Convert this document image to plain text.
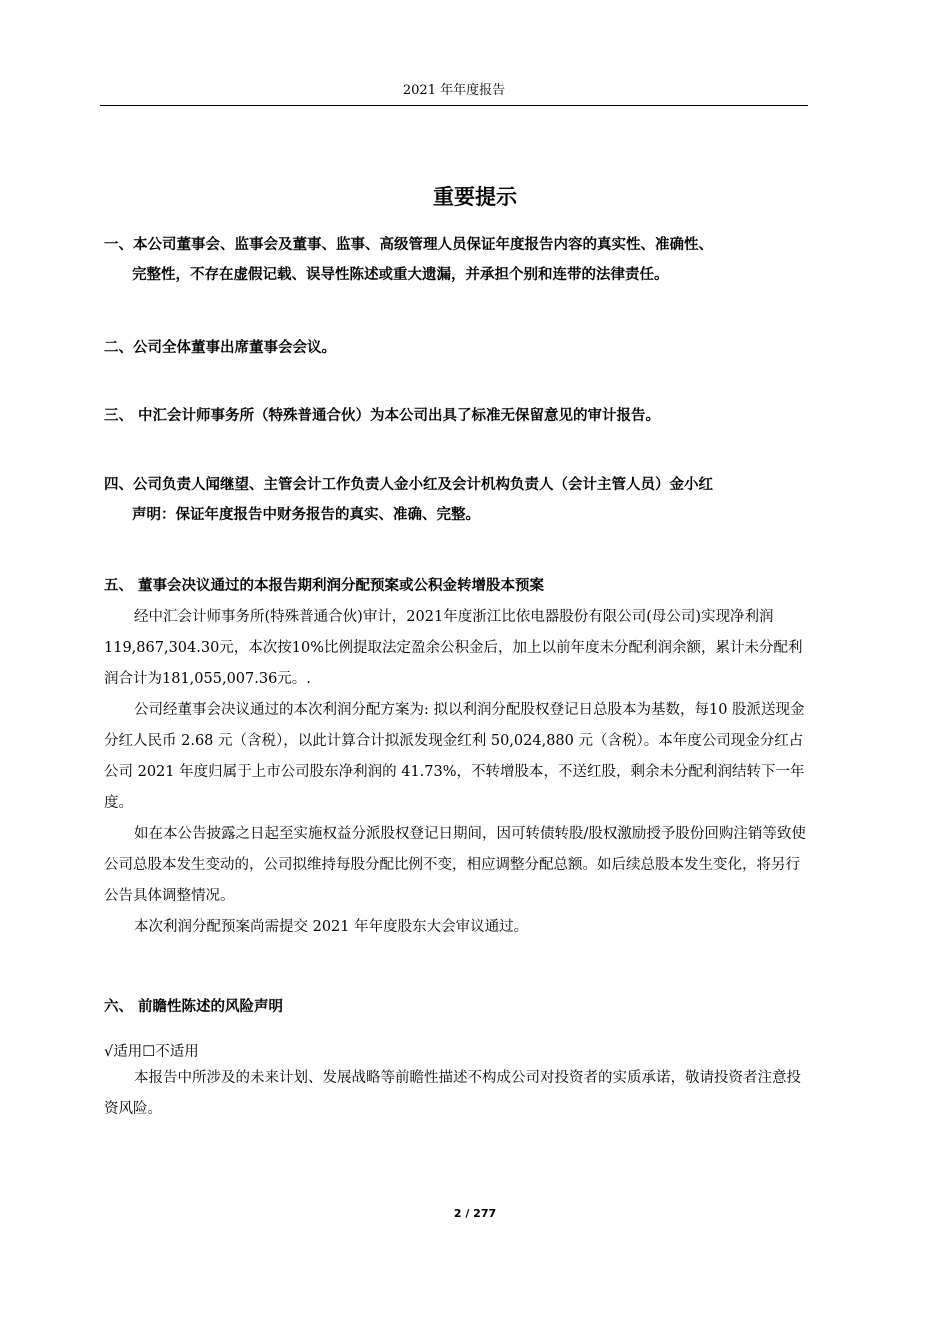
2021 年年度报告
重要提示
一、本公司董事会、监事会及董事、监事、高级管理人员保证年度报告内容的真实性、准确性、
完整性，不存在虚假记载、误导性陈述或重大遗漏，并承担个别和连带的法律责任。
二、公司全体董事出席董事会会议。
三、 中汇会计师事务所（特殊普通合伙）为本公司出具了标准无保留意见的审计报告。
四、公司负责人闻继望、主管会计工作负责人金小红及会计机构负责人（会计主管人员）金小红
声明：保证年度报告中财务报告的真实、准确、完整。
五、 董事会决议通过的本报告期利润分配预案或公积金转增股本预案

经中汇会计师事务所(特殊普通合伙)审计，2021年度浙江比依电器股份有限公司(母公司)实现净利润119,867,304.30元，本次按10%比例提取法定盈余公积金后，加上以前年度未分配利润余额，累计未分配利润合计为181,055,007.36元。.

公司经董事会决议通过的本次利润分配方案为: 拟以利润分配股权登记日总股本为基数，每10 股派送现金分红人民币 2.68 元（含税），以此计算合计拟派发现金红利 50,024,880 元（含税）。本年度公司现金分红占公司 2021 年度归属于上市公司股东净利润的 41.73%，不转增股本，不送红股，剩余未分配利润结转下一年度。

如在本公告披露之日起至实施权益分派股权登记日期间，因可转债转股/股权激励授予股份回购注销等致使公司总股本发生变动的，公司拟维持每股分配比例不变，相应调整分配总额。如后续总股本发生变化，将另行公告具体调整情况。

本次利润分配预案尚需提交 2021 年年度股东大会审议通过。

六、 前瞻性陈述的风险声明
√适用☐不适用

本报告中所涉及的未来计划、发展战略等前瞻性描述不构成公司对投资者的实质承诺，敬请投资者注意投资风险。

2 / 277
